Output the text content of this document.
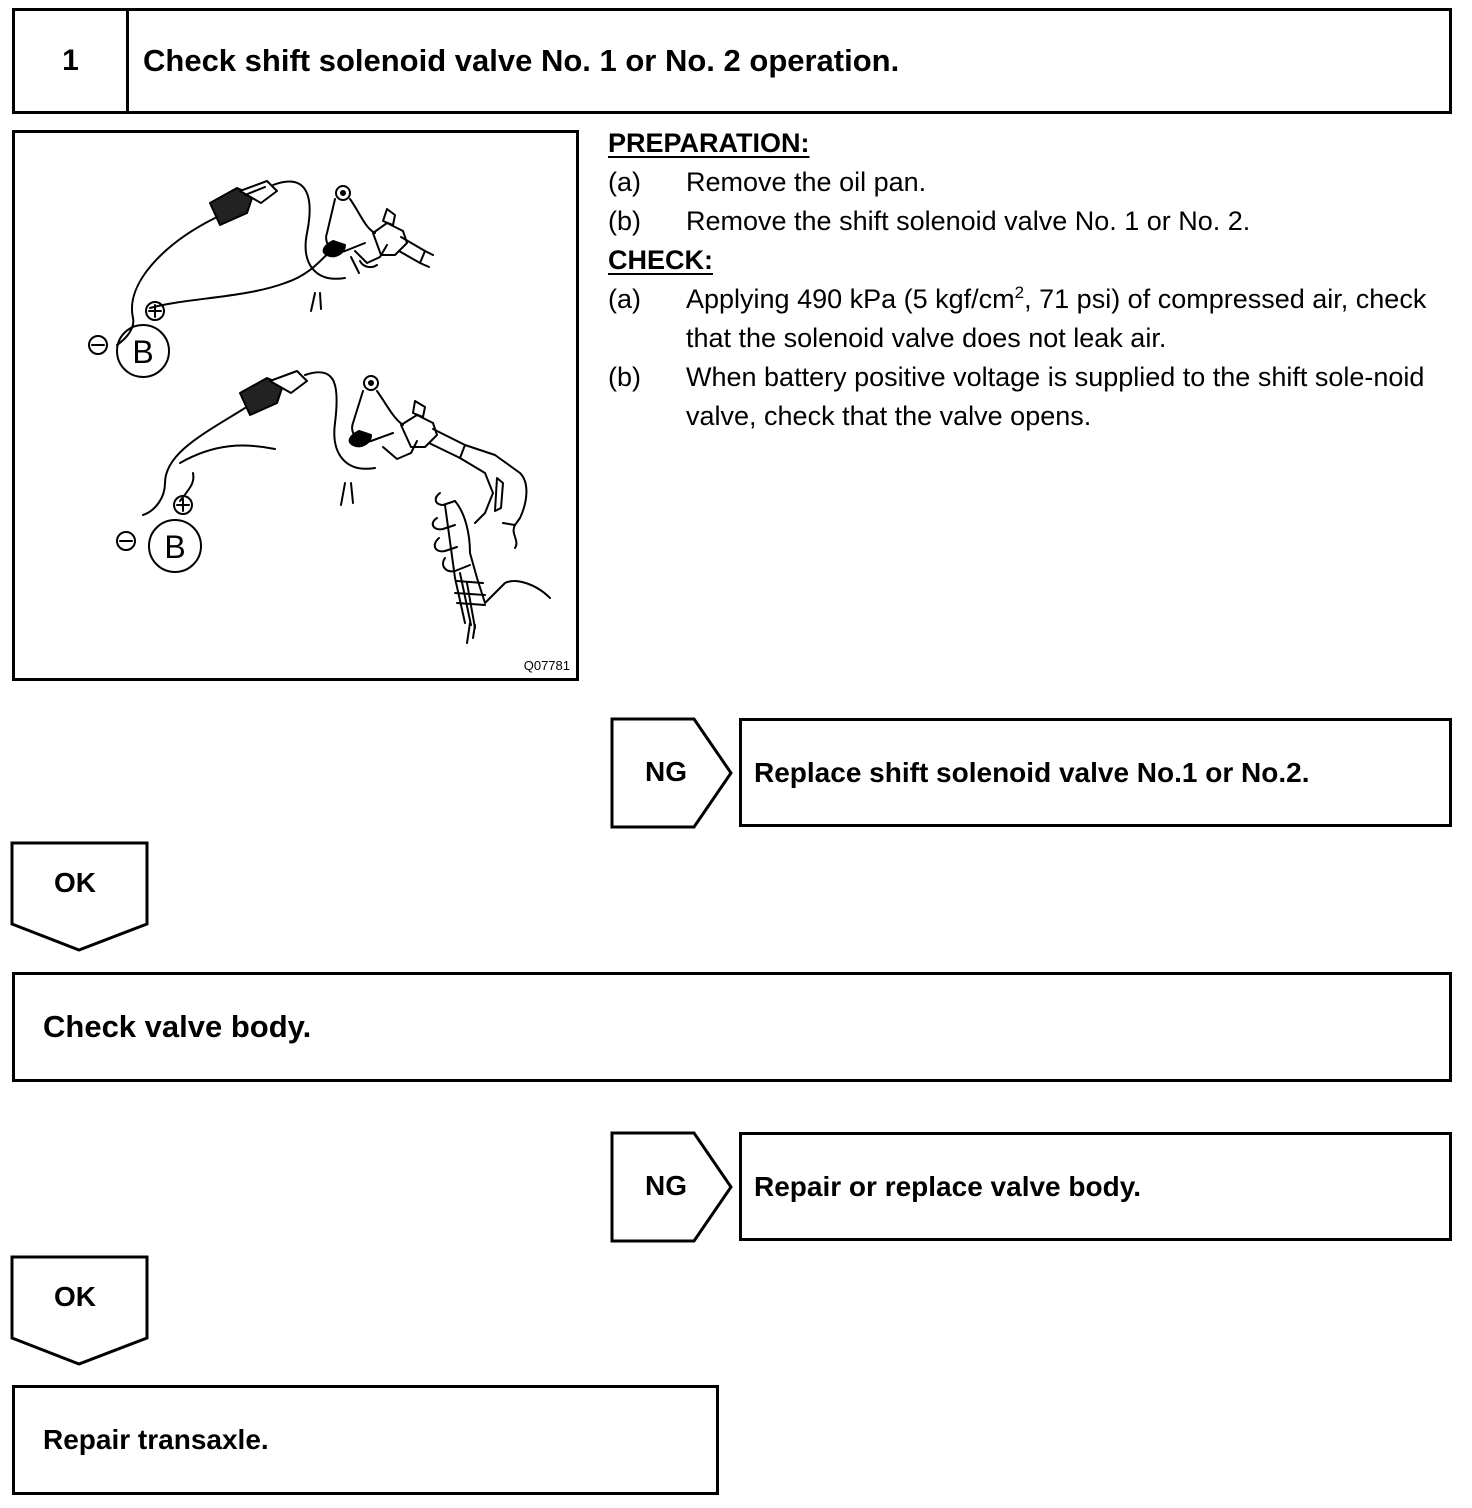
1	Check shift solenoid valve No. 1 or No. 2 operation.
B
B
Q07781
PREPARATION:
(a)	Remove the oil pan.
(b)	Remove the shift solenoid valve No. 1 or No. 2.
CHECK:
(a)	Applying 490 kPa (5 kgf/$cm^2$, 71 psi) of compressed air, check that the solenoid valve does not leak air.
(b)	When battery positive voltage is supplied to the shift sole-noid valve, check that the valve opens.
NG	Replace shift solenoid valve No.1 or No.2.
OK
Check valve body.
NG	Repair or replace valve body.
OK
Repair transaxle.
